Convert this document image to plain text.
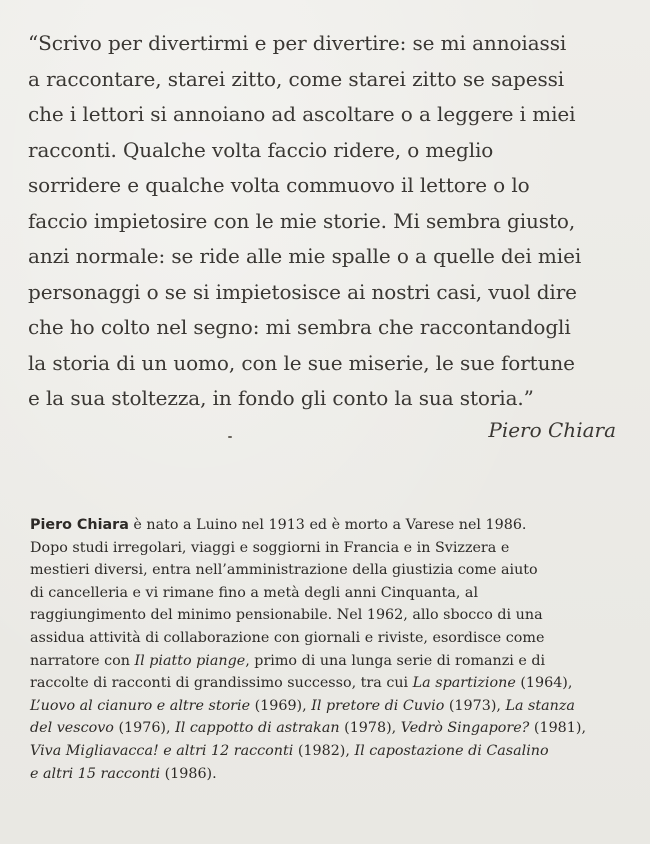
“Scrivo per divertirmi e per divertire: se mi annoiassi
a raccontare, starei zitto, come starei zitto se sapessi
che i lettori si annoiano ad ascoltare o a leggere i miei
racconti. Qualche volta faccio ridere, o meglio
sorridere e qualche volta commuovo il lettore o lo
faccio impietosire con le mie storie. Mi sembra giusto,
anzi normale: se ride alle mie spalle o a quelle dei miei
personaggi o se si impietosisce ai nostri casi, vuol dire
che ho colto nel segno: mi sembra che raccontandogli
la storia di un uomo, con le sue miserie, le sue fortune
e la sua stoltezza, in fondo gli conto la sua storia.”
Piero Chiara
Piero Chiara è nato a Luino nel 1913 ed è morto a Varese nel 1986.
Dopo studi irregolari, viaggi e soggiorni in Francia e in Svizzera e
mestieri diversi, entra nell’amministrazione della giustizia come aiuto
di cancelleria e vi rimane fino a metà degli anni Cinquanta, al
raggiungimento del minimo pensionabile. Nel 1962, allo sbocco di una
assidua attività di collaborazione con giornali e riviste, esordisce come
narratore con Il piatto piange, primo di una lunga serie di romanzi e di
raccolte di racconti di grandissimo successo, tra cui La spartizione (1964),
L’uovo al cianuro e altre storie (1969), Il pretore di Cuvio (1973), La stanza
del vescovo (1976), Il cappotto di astrakan (1978), Vedrò Singapore? (1981),
Viva Migliavacca! e altri 12 racconti (1982), Il capostazione di Casalino
e altri 15 racconti (1986).
